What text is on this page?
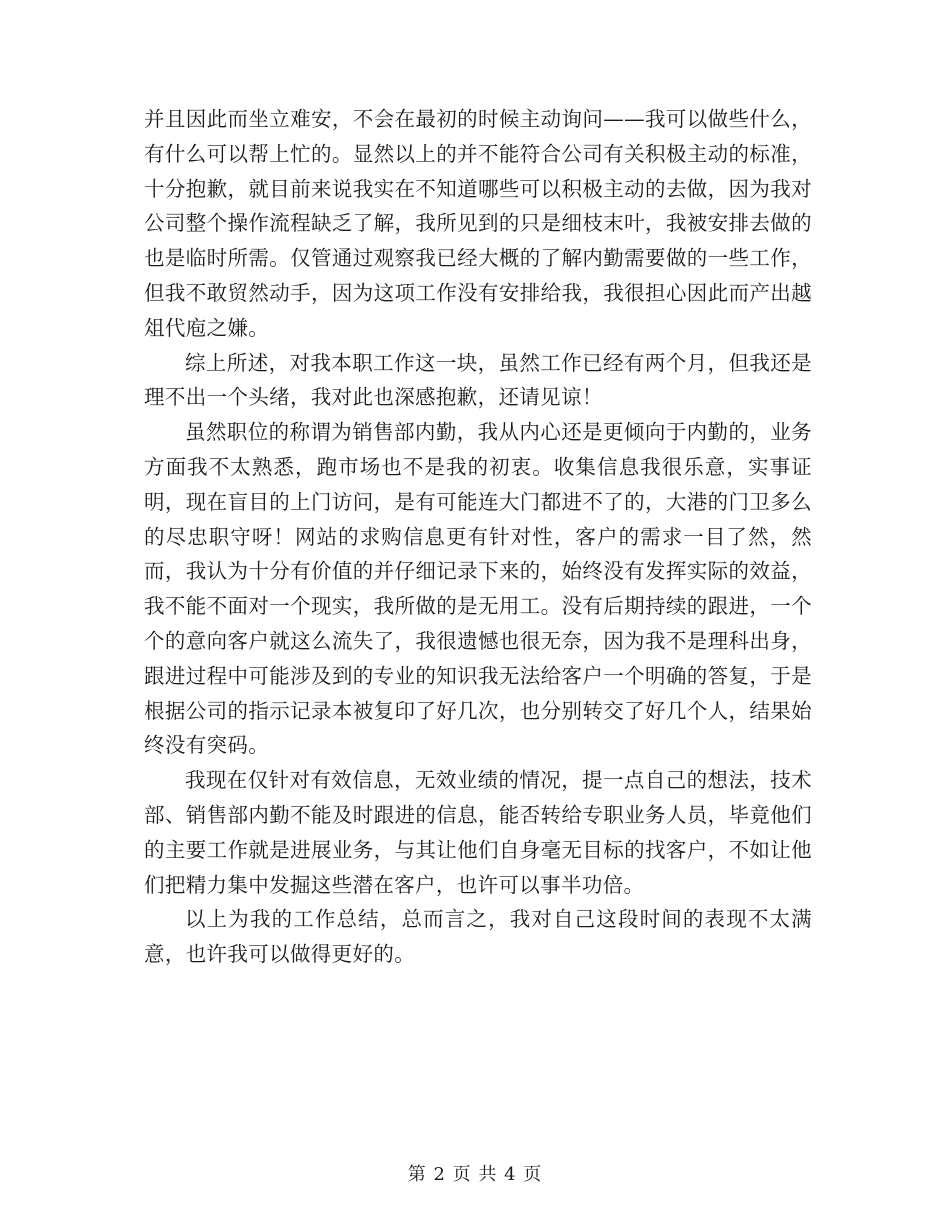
并且因此而坐立难安，不会在最初的时候主动询问——我可以做些什么，有什么可以帮上忙的。显然以上的并不能符合公司有关积极主动的标准，十分抱歉，就目前来说我实在不知道哪些可以积极主动的去做，因为我对公司整个操作流程缺乏了解，我所见到的只是细枝末叶，我被安排去做的也是临时所需。仅管通过观察我已经大概的了解内勤需要做的一些工作，但我不敢贸然动手，因为这项工作没有安排给我，我很担心因此而产出越俎代庖之嫌。

综上所述，对我本职工作这一块，虽然工作已经有两个月，但我还是理不出一个头绪，我对此也深感抱歉，还请见谅！

虽然职位的称谓为销售部内勤，我从内心还是更倾向于内勤的，业务方面我不太熟悉，跑市场也不是我的初衷。收集信息我很乐意，实事证明，现在盲目的上门访问，是有可能连大门都进不了的，大港的门卫多么的尽忠职守呀！网站的求购信息更有针对性，客户的需求一目了然，然而，我认为十分有价值的并仔细记录下来的，始终没有发挥实际的效益，我不能不面对一个现实，我所做的是无用工。没有后期持续的跟进，一个个的意向客户就这么流失了，我很遗憾也很无奈，因为我不是理科出身，跟进过程中可能涉及到的专业的知识我无法给客户一个明确的答复，于是根据公司的指示记录本被复印了好几次，也分别转交了好几个人，结果始终没有突码。

我现在仅针对有效信息，无效业绩的情况，提一点自己的想法，技术部、销售部内勤不能及时跟进的信息，能否转给专职业务人员，毕竟他们的主要工作就是进展业务，与其让他们自身毫无目标的找客户，不如让他们把精力集中发掘这些潜在客户，也许可以事半功倍。

以上为我的工作总结，总而言之，我对自己这段时间的表现不太满意，也许我可以做得更好的。

第 2 页 共 4 页
